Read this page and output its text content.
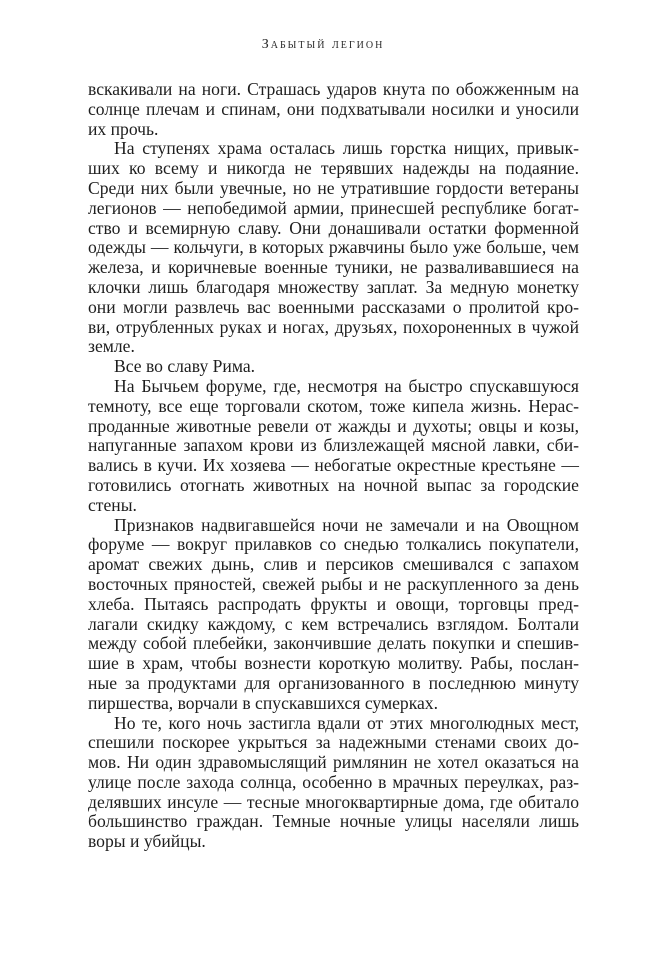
Забытый легион
вскакивали на ноги. Страшась ударов кнута по обожженным на
солнце плечам и спинам, они подхватывали носилки и уносили
их прочь.
На ступенях храма осталась лишь горстка нищих, привык-
ших ко всему и никогда не терявших надежды на подаяние.
Среди них были увечные, но не утратившие гордости ветераны
легионов — непобедимой армии, принесшей республике богат-
ство и всемирную славу. Они донашивали остатки форменной
одежды — кольчуги, в которых ржавчины было уже больше, чем
железа, и коричневые военные туники, не разваливавшиеся на
клочки лишь благодаря множеству заплат. За медную монетку
они могли развлечь вас военными рассказами о пролитой кро-
ви, отрубленных руках и ногах, друзьях, похороненных в чужой
земле.
Все во славу Рима.
На Бычьем форуме, где, несмотря на быстро спускавшуюся
темноту, все еще торговали скотом, тоже кипела жизнь. Нерас-
проданные животные ревели от жажды и духоты; овцы и козы,
напуганные запахом крови из близлежащей мясной лавки, сби-
вались в кучи. Их хозяева — небогатые окрестные крестьяне —
готовились отогнать животных на ночной выпас за городские
стены.
Признаков надвигавшейся ночи не замечали и на Овощном
форуме — вокруг прилавков со снедью толкались покупатели,
аромат свежих дынь, слив и персиков смешивался с запахом
восточных пряностей, свежей рыбы и не раскупленного за день
хлеба. Пытаясь распродать фрукты и овощи, торговцы пред-
лагали скидку каждому, с кем встречались взглядом. Болтали
между собой плебейки, закончившие делать покупки и спешив-
шие в храм, чтобы вознести короткую молитву. Рабы, послан-
ные за продуктами для организованного в последнюю минуту
пиршества, ворчали в спускавшихся сумерках.
Но те, кого ночь застигла вдали от этих многолюдных мест,
спешили поскорее укрыться за надежными стенами своих до-
мов. Ни один здравомыслящий римлянин не хотел оказаться на
улице после захода солнца, особенно в мрачных переулках, раз-
делявших инсуле — тесные многоквартирные дома, где обитало
большинство граждан. Темные ночные улицы населяли лишь
воры и убийцы.
